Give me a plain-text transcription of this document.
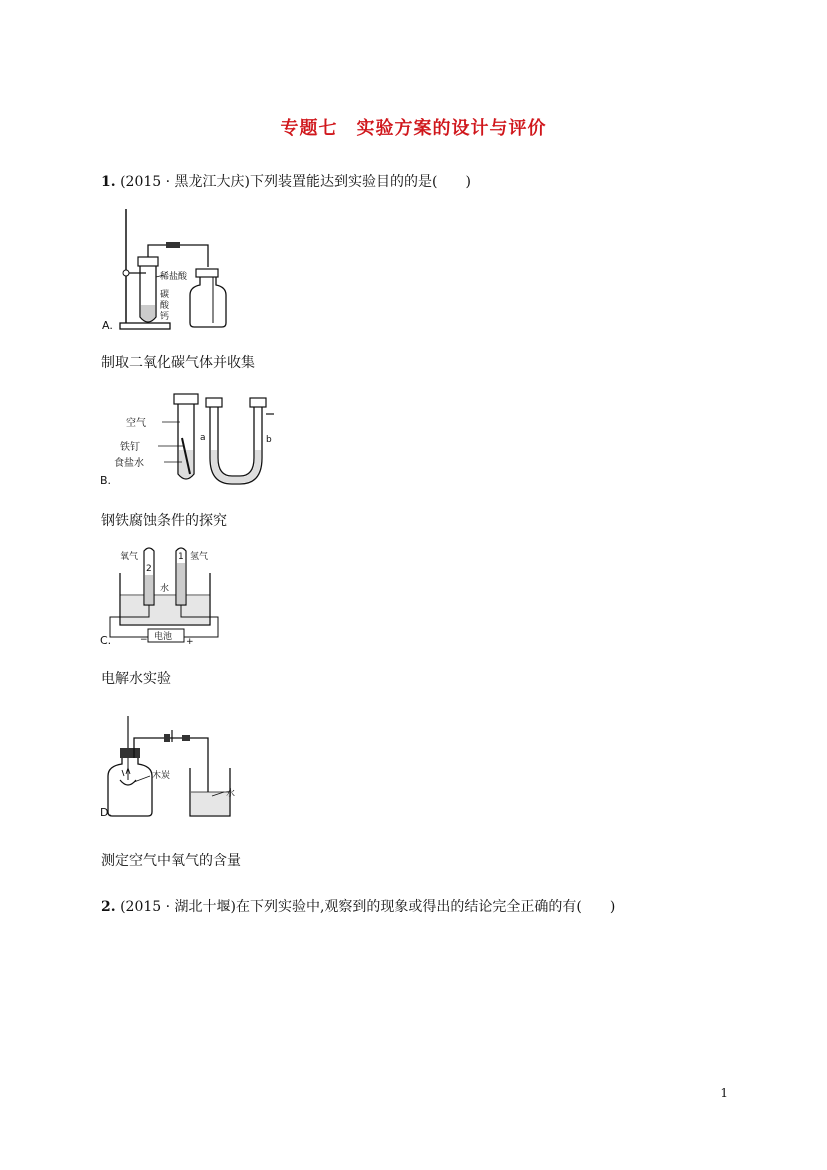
专题七　实验方案的设计与评价
1. (2015 · 黑龙江大庆)下列装置能达到实验目的的是(　　)
稀盐酸
碳
酸
钙
A.
制取二氧化碳气体并收集
空气
铁钉
食盐水
a	b
B.
钢铁腐蚀条件的探究
电池
−	+
氧气	氢气
2
1
水
C.
电解水实验
水
木炭
D.
测定空气中氧气的含量
2. (2015 · 湖北十堰)在下列实验中,观察到的现象或得出的结论完全正确的有(　　)
1
